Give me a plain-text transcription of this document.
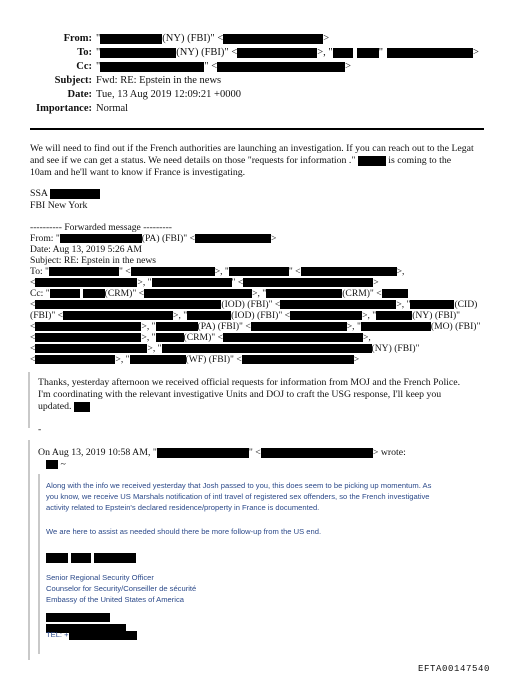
From: "	(NY) (FBI)" <	>
To: "	(NY) (FBI)" <	>, "	"	>
Cc: "	" <	>
Subject: Fwd: RE: Epstein in the news
Date: Tue, 13 Aug 2019 12:09:21 +0000
Importance: Normal
We will need to find out if the French authorities are launching an investigation. If you can reach out to the Legat
and see if we can get a status. We need details on those "requests for information ."	is coming to the
10am and he'll want to know if France is investigating.
SSA
FBI New York
---------- Forwarded message ---------
From: "	(PA) (FBI)" <	>
Date: Aug 13, 2019 5:26 AM
Subject: RE: Epstein in the news
To: "	" <	>, "	" <	>,
<	>, "	" <	>
Cc: "	(CRM)" <	>, "	(CRM)" <
<	(IOD) (FBI)" <	>, "	(CID)
(FBI)" <	>, "	(IOD) (FBI)" <	>, "	(NY) (FBI)"
<	>, "	(PA) (FBI)" <	>, "	(MO) (FBI)"
<	>, "	(CRM)" <	>,
<	>, "	(NY) (FBI)"
<	>, "	(WF) (FBI)" <	>
Thanks, yesterday afternoon we received official requests for information from MOJ and the French Police.
I'm coordinating with the relevant investigative Units and DOJ to craft the USG response, I'll keep you
updated.
-
On Aug 13, 2019 10:58 AM, "	" <	> wrote:
~
Along with the info we received yesterday that Josh passed to you, this does seem to be picking up momentum. As
you know, we receive US Marshals notification of intl travel of registered sex offenders, so the French investigative
activity related to Epstein's declared residence/property in France is documented.
We are here to assist as needed should there be more follow-up from the US end.
Senior Regional Security Officer
Counselor for Security/Conseiller de sécurité
Embassy of the United States of America
TEL: +
EFTA00147540
